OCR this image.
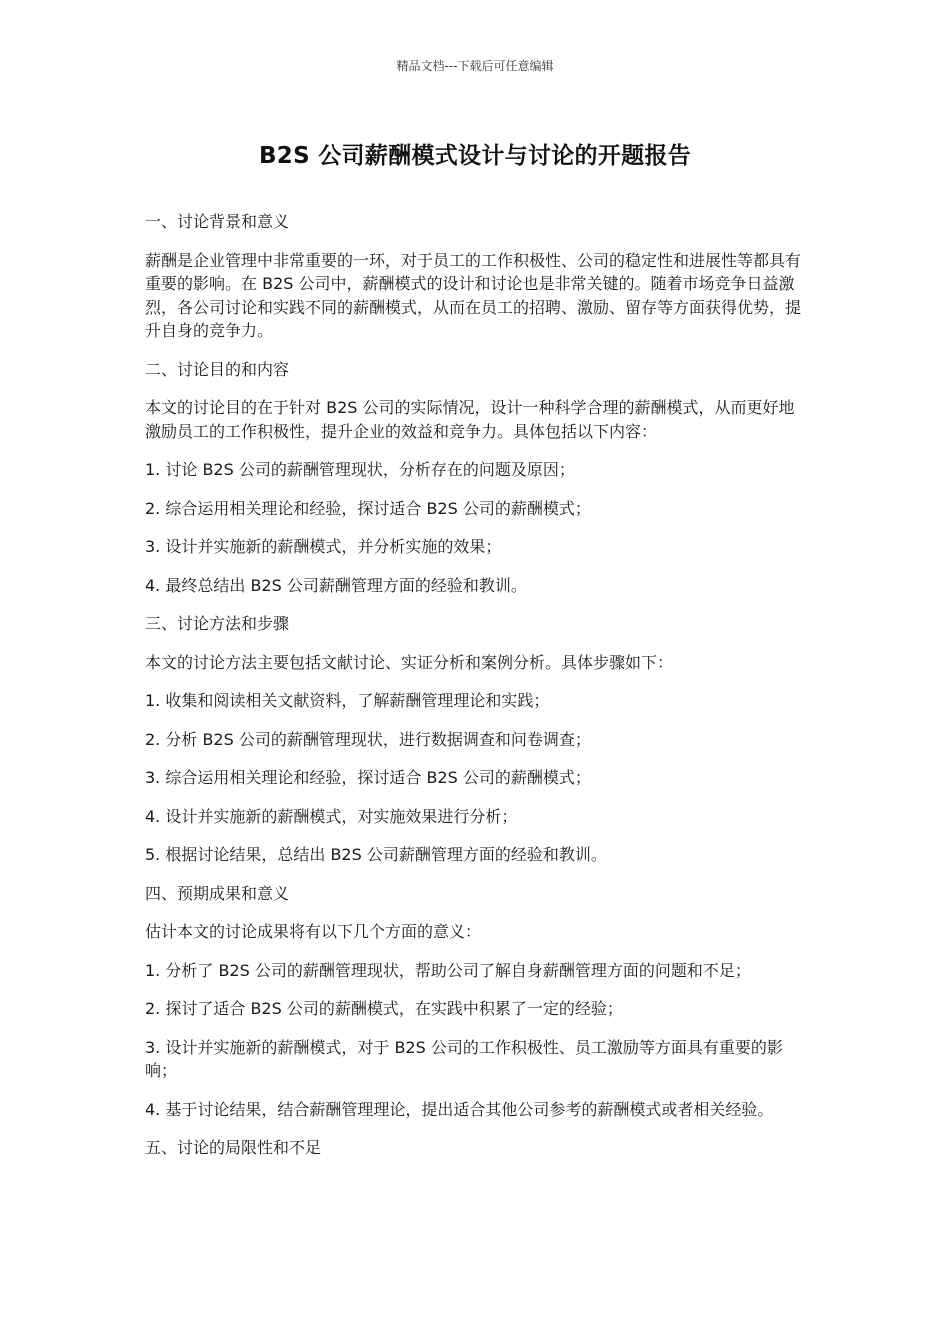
精品文档---下载后可任意编辑
B2S 公司薪酬模式设计与讨论的开题报告

一、讨论背景和意义

薪酬是企业管理中非常重要的一环，对于员工的工作积极性、公司的稳定性和进展性等都具有重要的影响。在 B2S 公司中，薪酬模式的设计和讨论也是非常关键的。随着市场竞争日益激烈，各公司讨论和实践不同的薪酬模式，从而在员工的招聘、激励、留存等方面获得优势，提升自身的竞争力。

二、讨论目的和内容

本文的讨论目的在于针对 B2S 公司的实际情况，设计一种科学合理的薪酬模式，从而更好地激励员工的工作积极性，提升企业的效益和竞争力。具体包括以下内容：

1. 讨论 B2S 公司的薪酬管理现状，分析存在的问题及原因；

2. 综合运用相关理论和经验，探讨适合 B2S 公司的薪酬模式；

3. 设计并实施新的薪酬模式，并分析实施的效果；

4. 最终总结出 B2S 公司薪酬管理方面的经验和教训。

三、讨论方法和步骤

本文的讨论方法主要包括文献讨论、实证分析和案例分析。具体步骤如下：

1. 收集和阅读相关文献资料，了解薪酬管理理论和实践；

2. 分析 B2S 公司的薪酬管理现状，进行数据调查和问卷调查；

3. 综合运用相关理论和经验，探讨适合 B2S 公司的薪酬模式；

4. 设计并实施新的薪酬模式，对实施效果进行分析；

5. 根据讨论结果，总结出 B2S 公司薪酬管理方面的经验和教训。

四、预期成果和意义

估计本文的讨论成果将有以下几个方面的意义：

1. 分析了 B2S 公司的薪酬管理现状，帮助公司了解自身薪酬管理方面的问题和不足；

2. 探讨了适合 B2S 公司的薪酬模式，在实践中积累了一定的经验；

3. 设计并实施新的薪酬模式，对于 B2S 公司的工作积极性、员工激励等方面具有重要的影响；

4. 基于讨论结果，结合薪酬管理理论，提出适合其他公司参考的薪酬模式或者相关经验。

五、讨论的局限性和不足
